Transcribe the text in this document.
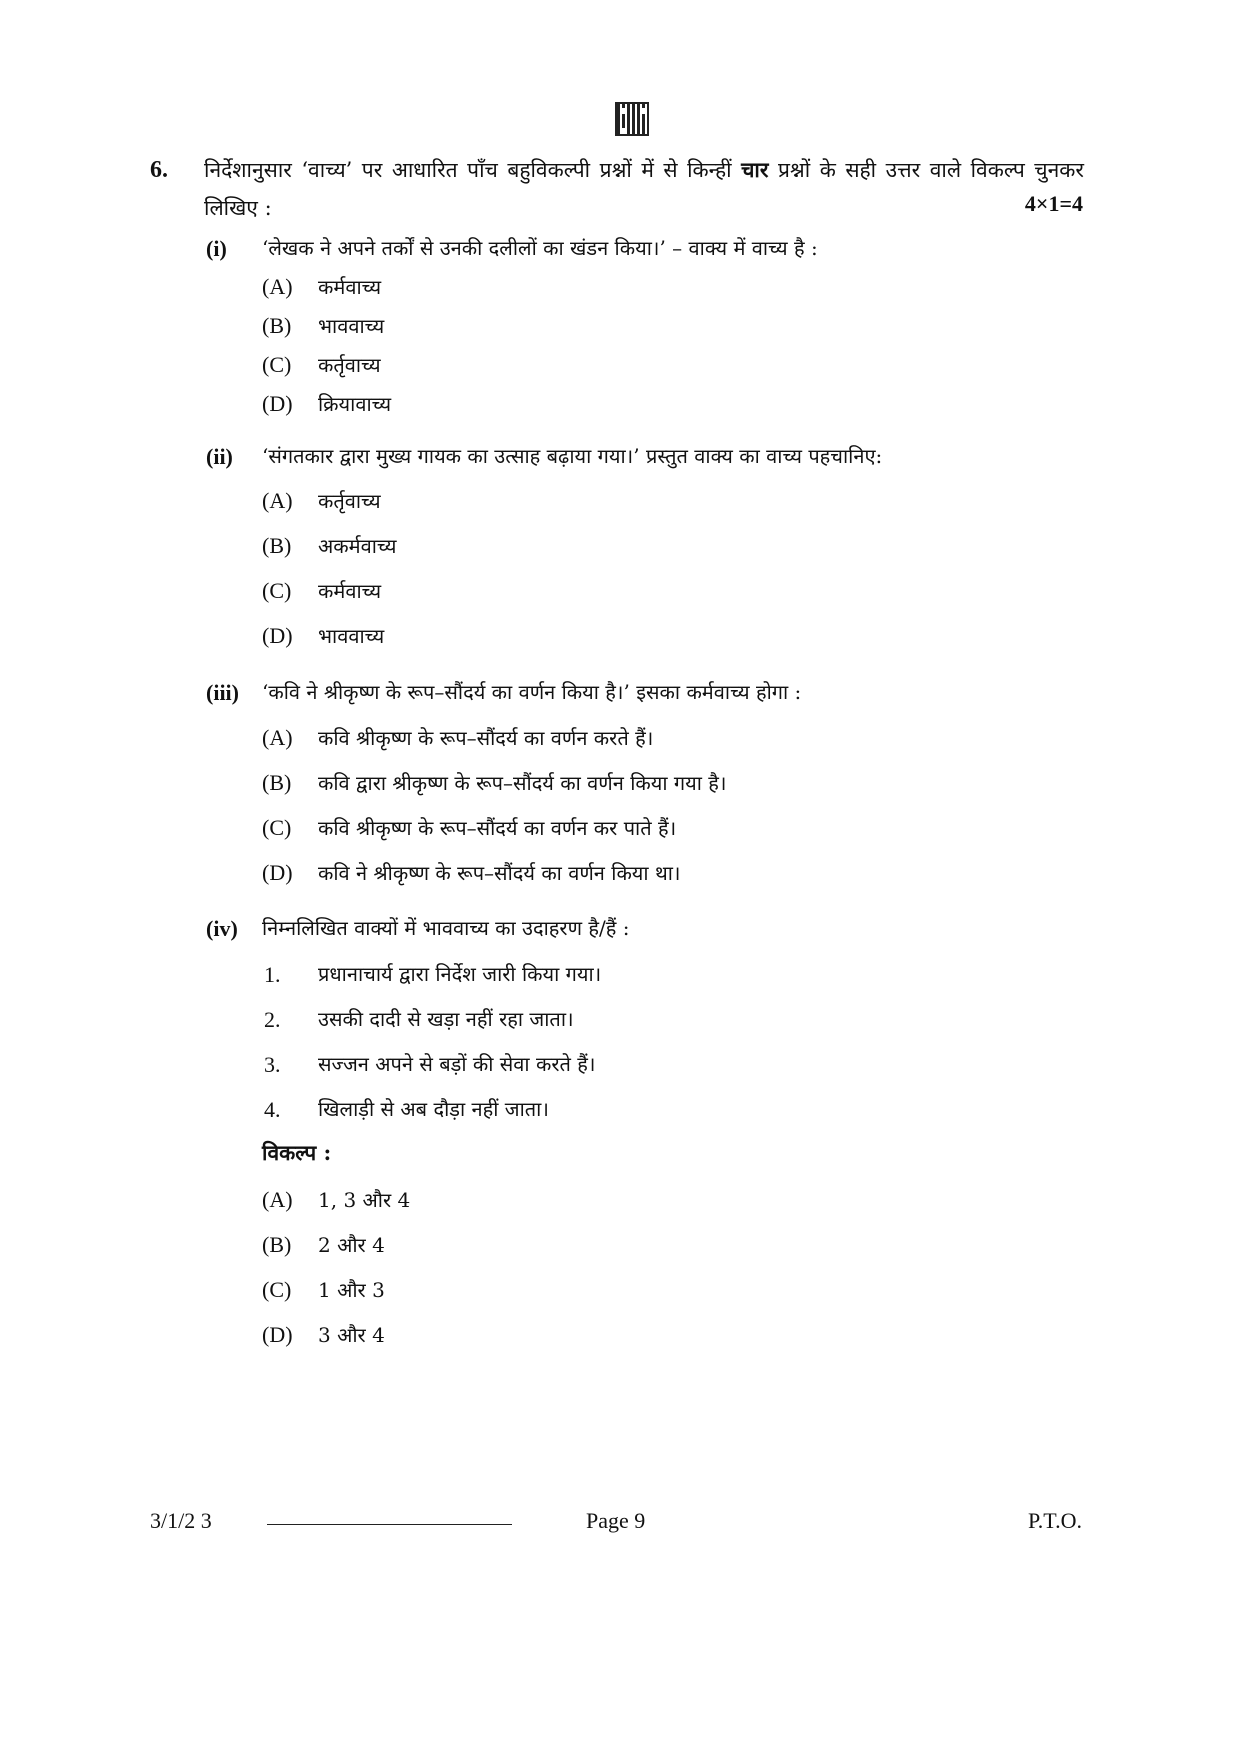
6. निर्देशानुसार ‘वाच्य’ पर आधारित पाँच बहुविकल्पी प्रश्नों में से किन्हीं चार प्रश्नों के सही उत्तर वाले विकल्प चुनकर लिखिए :	4×1=4
(i) ‘लेखक ने अपने तर्कों से उनकी दलीलों का खंडन किया।’ – वाक्य में वाच्य है :
(A) कर्मवाच्य
(B) भाववाच्य
(C) कर्तृवाच्य
(D) क्रियावाच्य
(ii) ‘संगतकार द्वारा मुख्य गायक का उत्साह बढ़ाया गया।’ प्रस्तुत वाक्य का वाच्य पहचानिए:
(A) कर्तृवाच्य
(B) अकर्मवाच्य
(C) कर्मवाच्य
(D) भाववाच्य
(iii) ‘कवि ने श्रीकृष्ण के रूप–सौंदर्य का वर्णन किया है।’ इसका कर्मवाच्य होगा :
(A) कवि श्रीकृष्ण के रूप–सौंदर्य का वर्णन करते हैं।
(B) कवि द्वारा श्रीकृष्ण के रूप–सौंदर्य का वर्णन किया गया है।
(C) कवि श्रीकृष्ण के रूप–सौंदर्य का वर्णन कर पाते हैं।
(D) कवि ने श्रीकृष्ण के रूप–सौंदर्य का वर्णन किया था।
(iv) निम्नलिखित वाक्यों में भाववाच्य का उदाहरण है/हैं :
1. प्रधानाचार्य द्वारा निर्देश जारी किया गया।
2. उसकी दादी से खड़ा नहीं रहा जाता।
3. सज्जन अपने से बड़ों की सेवा करते हैं।
4. खिलाड़ी से अब दौड़ा नहीं जाता।
विकल्प :
(A) 1, 3 और 4
(B) 2 और 4
(C) 1 और 3
(D) 3 और 4
3/1/2 3	Page 9	P.T.O.
